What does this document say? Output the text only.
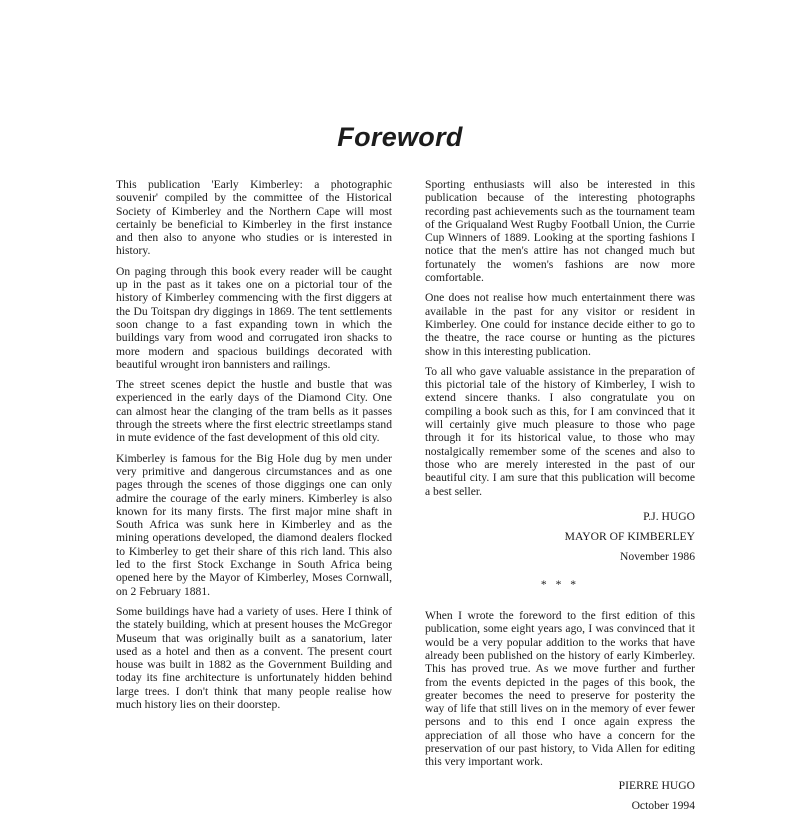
Foreword

This publication 'Early Kimberley: a photographic souvenir' compiled by the committee of the Historical Society of Kimberley and the Northern Cape will most certainly be beneficial to Kimberley in the first instance and then also to anyone who studies or is interested in history.

On paging through this book every reader will be caught up in the past as it takes one on a pictorial tour of the history of Kimberley commencing with the first diggers at the Du Toitspan dry diggings in 1869. The tent settlements soon change to a fast expanding town in which the buildings vary from wood and corrugated iron shacks to more modern and spacious buildings decorated with beautiful wrought iron bannisters and railings.

The street scenes depict the hustle and bustle that was experienced in the early days of the Diamond City. One can almost hear the clanging of the tram bells as it passes through the streets where the first electric streetlamps stand in mute evidence of the fast development of this old city.

Kimberley is famous for the Big Hole dug by men under very primitive and dangerous circumstances and as one pages through the scenes of those diggings one can only admire the courage of the early miners. Kimberley is also known for its many firsts. The first major mine shaft in South Africa was sunk here in Kimberley and as the mining operations developed, the diamond dealers flocked to Kimberley to get their share of this rich land. This also led to the first Stock Exchange in South Africa being opened here by the Mayor of Kimberley, Moses Cornwall, on 2 February 1881.

Some buildings have had a variety of uses. Here I think of the stately building, which at present houses the McGregor Museum that was originally built as a sanatorium, later used as a hotel and then as a convent. The present court house was built in 1882 as the Government Building and today its fine architecture is unfortunately hidden behind large trees. I don't think that many people realise how much history lies on their doorstep.

Sporting enthusiasts will also be interested in this publication because of the interesting photographs recording past achievements such as the tournament team of the Griqualand West Rugby Football Union, the Currie Cup Winners of 1889. Looking at the sporting fashions I notice that the men's attire has not changed much but fortunately the women's fashions are now more comfortable.

One does not realise how much entertainment there was available in the past for any visitor or resident in Kimberley. One could for instance decide either to go to the theatre, the race course or hunting as the pictures show in this interesting publication.

To all who gave valuable assistance in the preparation of this pictorial tale of the history of Kimberley, I wish to extend sincere thanks. I also congratulate you on compiling a book such as this, for I am convinced that it will certainly give much pleasure to those who page through it for its historical value, to those who may nostalgically remember some of the scenes and also to those who are merely interested in the past of our beautiful city. I am sure that this publication will become a best seller.

P.J. HUGO

MAYOR OF KIMBERLEY

November 1986

* * *

When I wrote the foreword to the first edition of this publication, some eight years ago, I was convinced that it would be a very popular addition to the works that have already been published on the history of early Kimberley. This has proved true. As we move further and further from the events depicted in the pages of this book, the greater becomes the need to preserve for posterity the way of life that still lives on in the memory of ever fewer persons and to this end I once again express the appreciation of all those who have a concern for the preservation of our past history, to Vida Allen for editing this very important work.

PIERRE HUGO

October 1994
